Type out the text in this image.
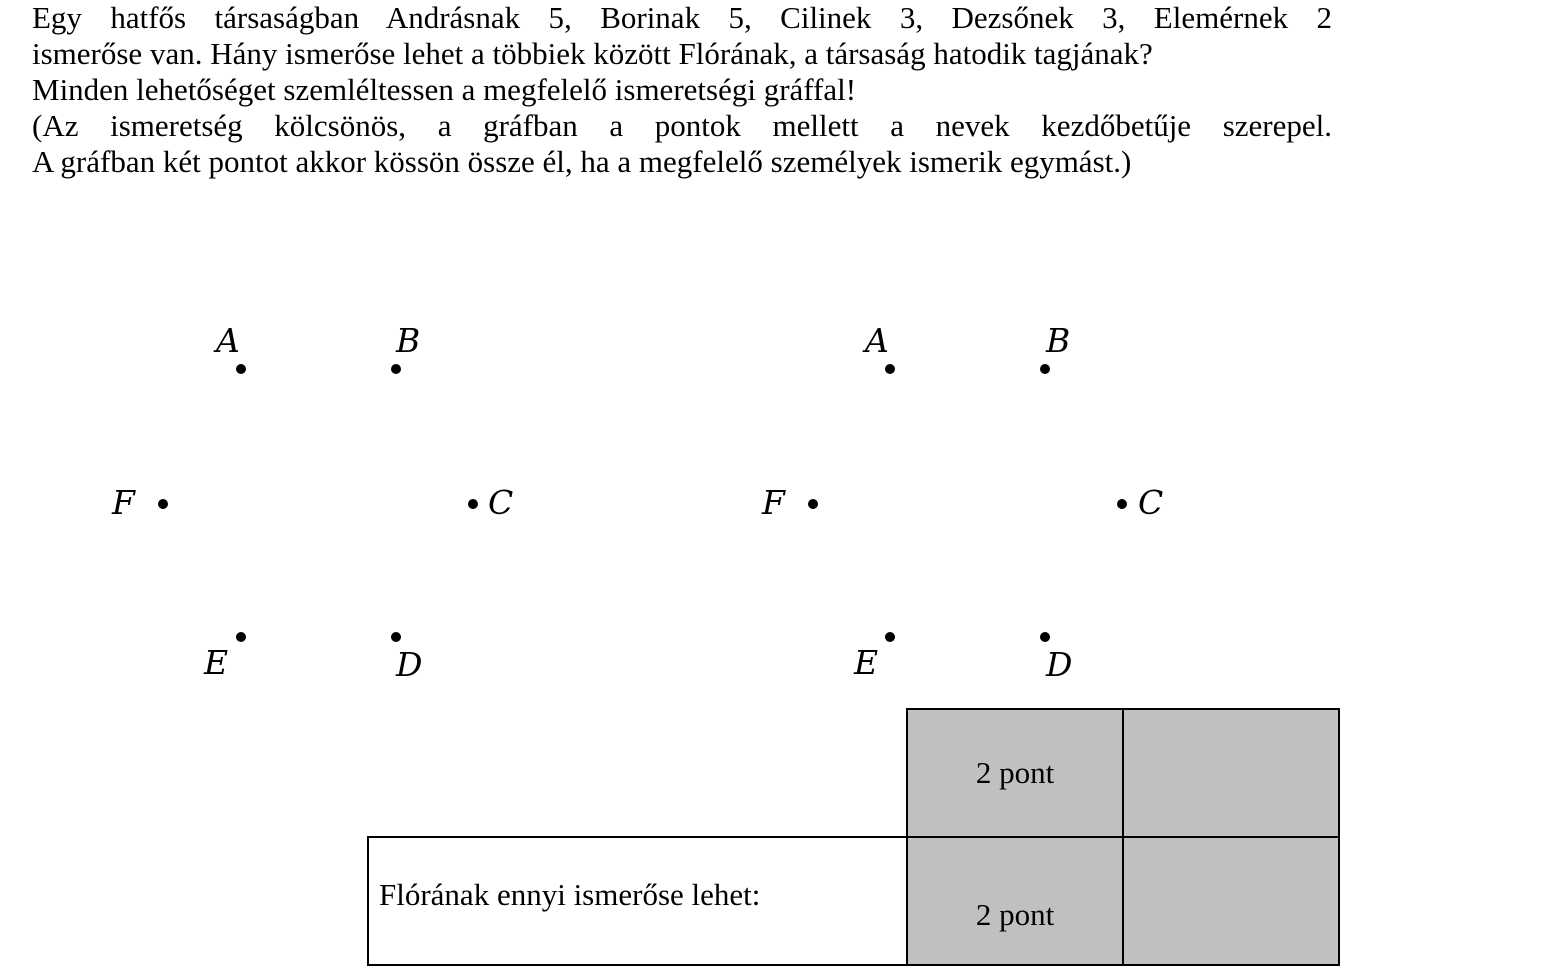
Egy hatfős társaságban Andrásnak 5, Borinak 5, Cilinek 3, Dezsőnek 3, Elemérnek 2
ismerőse van. Hány ismerőse lehet a többiek között Flórának, a társaság hatodik tagjának?
Minden lehetőséget szemléltessen a megfelelő ismeretségi gráffal!
(Az ismeretség kölcsönös, a gráfban a pontok mellett a nevek kezdőbetűje szerepel.
A gráfban két pontot akkor kössön össze él, ha a megfelelő személyek ismerik egymást.)
A	B
F	C
E	D
A	B
F	C
E	D
	2 pont	
Flórának ennyi ismerőse lehet:	2 pont	
